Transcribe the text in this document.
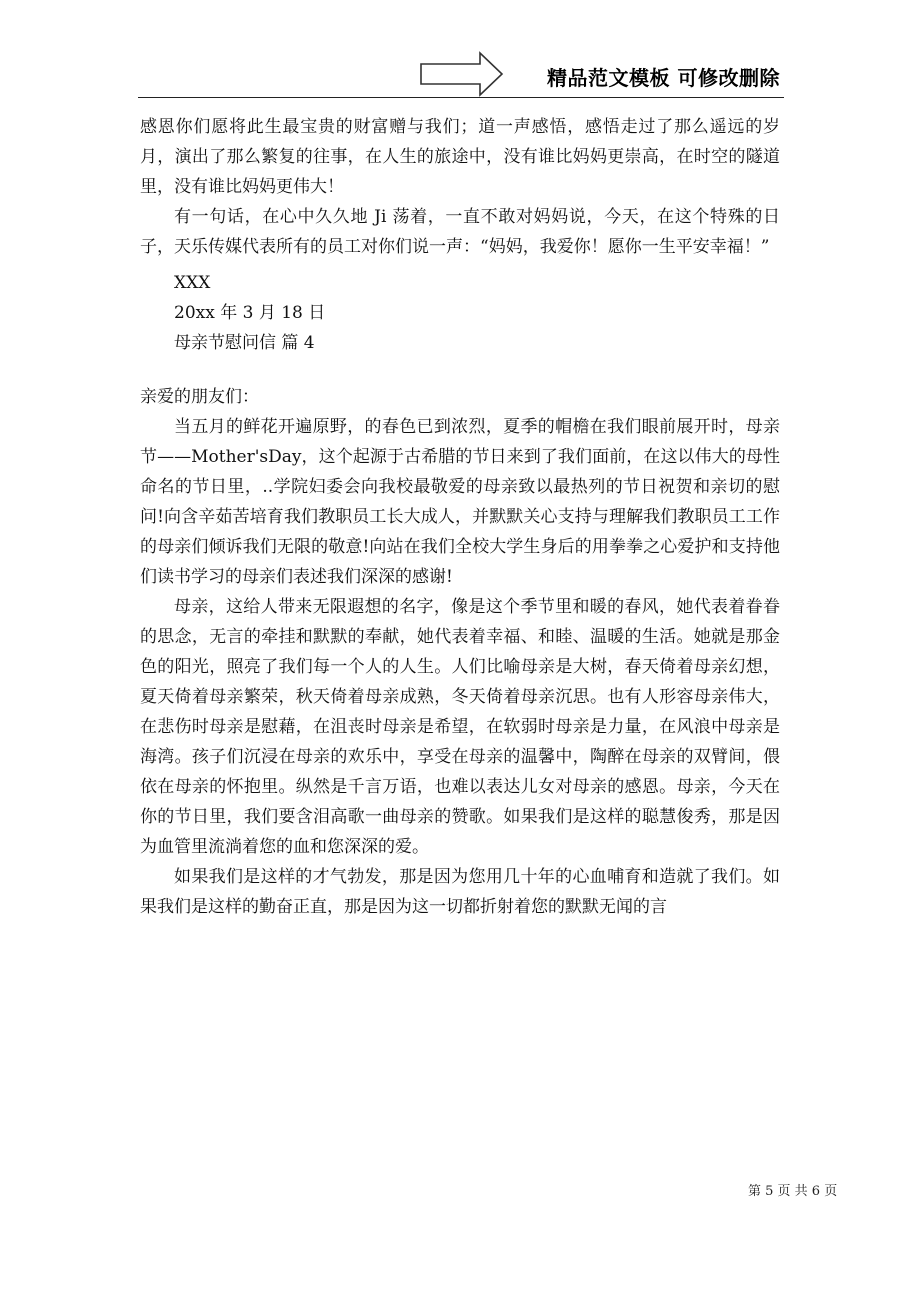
精品范文模板 可修改删除

感恩你们愿将此生最宝贵的财富赠与我们；道一声感悟，感悟走过了那么遥远的岁月，演出了那么繁复的往事，在人生的旅途中，没有谁比妈妈更崇高，在时空的隧道里，没有谁比妈妈更伟大！

有一句话，在心中久久地 Ji 荡着，一直不敢对妈妈说，今天，在这个特殊的日子，天乐传媒代表所有的员工对你们说一声：“妈妈，我爱你！愿你一生平安幸福！”

XXX

20xx 年 3 月 18 日

母亲节慰问信 篇 4

亲爱的朋友们：

当五月的鲜花开遍原野，的春色已到浓烈，夏季的帽檐在我们眼前展开时，母亲节——Mother'sDay，这个起源于古希腊的节日来到了我们面前，在这以伟大的母性命名的节日里，..学院妇委会向我校最敬爱的母亲致以最热列的节日祝贺和亲切的慰问!向含辛茹苦培育我们教职员工长大成人，并默默关心支持与理解我们教职员工工作的母亲们倾诉我们无限的敬意!向站在我们全校大学生身后的用拳拳之心爱护和支持他们读书学习的母亲们表述我们深深的感谢!

母亲，这给人带来无限遐想的名字，像是这个季节里和暖的春风，她代表着眷眷的思念，无言的牵挂和默默的奉献，她代表着幸福、和睦、温暖的生活。她就是那金色的阳光，照亮了我们每一个人的人生。人们比喻母亲是大树，春天倚着母亲幻想，夏天倚着母亲繁荣，秋天倚着母亲成熟，冬天倚着母亲沉思。也有人形容母亲伟大，在悲伤时母亲是慰藉，在沮丧时母亲是希望，在软弱时母亲是力量，在风浪中母亲是海湾。孩子们沉浸在母亲的欢乐中，享受在母亲的温馨中，陶醉在母亲的双臂间，偎依在母亲的怀抱里。纵然是千言万语，也难以表达儿女对母亲的感恩。母亲，今天在你的节日里，我们要含泪高歌一曲母亲的赞歌。如果我们是这样的聪慧俊秀，那是因为血管里流淌着您的血和您深深的爱。

如果我们是这样的才气勃发，那是因为您用几十年的心血哺育和造就了我们。如果我们是这样的勤奋正直，那是因为这一切都折射着您的默默无闻的言

第 5 页 共 6 页
